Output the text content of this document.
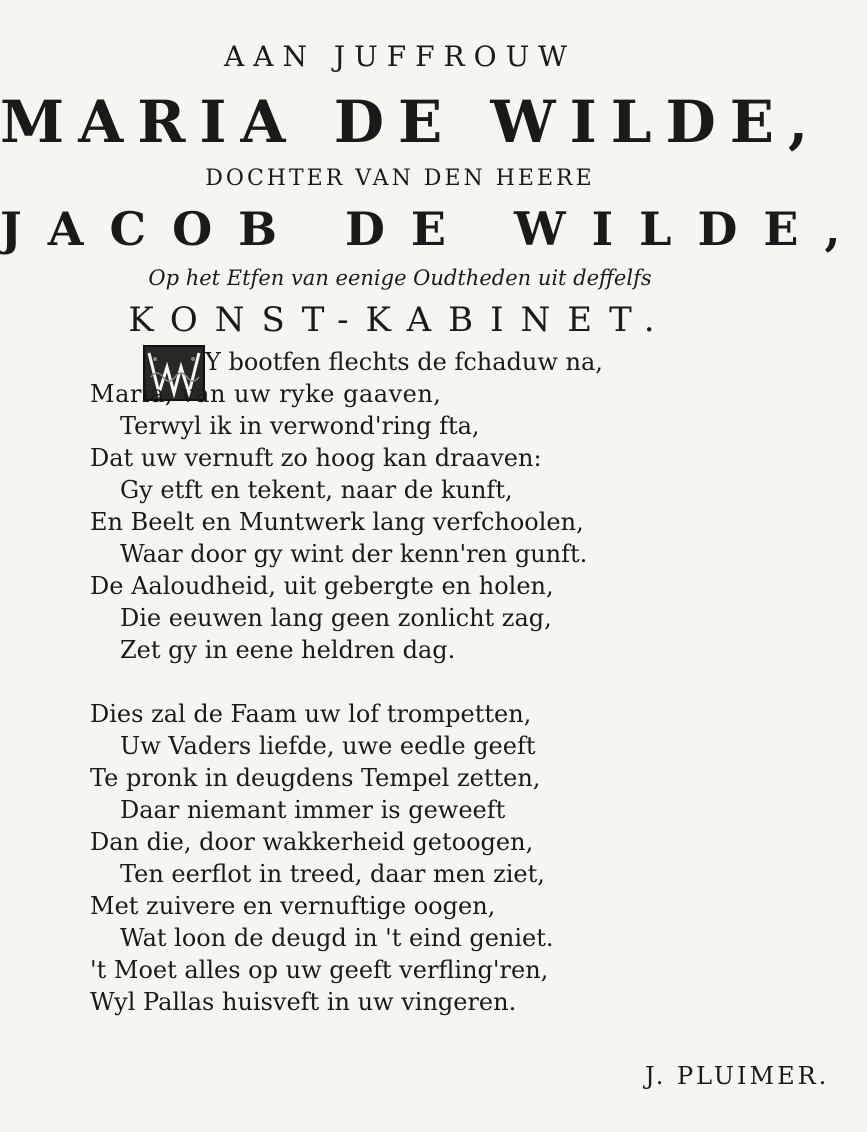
AAN JUFFROUW
MARIA DE WILDE,
DOCHTER VAN DEN HEERE
JACOB DE WILDE,
Op het Etfen van eenige Oudtheden uit deffelfs
KONST-KABINET.
Y bootfen flechts de fchaduw na,
Maria, van uw ryke gaaven,
Terwyl ik in verwond'ring fta,
Dat uw vernuft zo hoog kan draaven:
Gy etft en tekent, naar de kunft,
En Beelt en Muntwerk lang verfchoolen,
Waar door gy wint der kenn'ren gunft.
De Aaloudheid, uit gebergte en holen,
Die eeuwen lang geen zonlicht zag,
Zet gy in eene heldren dag.
Dies zal de Faam uw lof trompetten,
Uw Vaders liefde, uwe eedle geeft
Te pronk in deugdens Tempel zetten,
Daar niemant immer is geweeft
Dan die, door wakkerheid getoogen,
Ten eerflot in treed, daar men ziet,
Met zuivere en vernuftige oogen,
Wat loon de deugd in 't eind geniet.
't Moet alles op uw geeft verfling'ren,
Wyl Pallas huisveft in uw vingeren.
J. PLUIMER.
